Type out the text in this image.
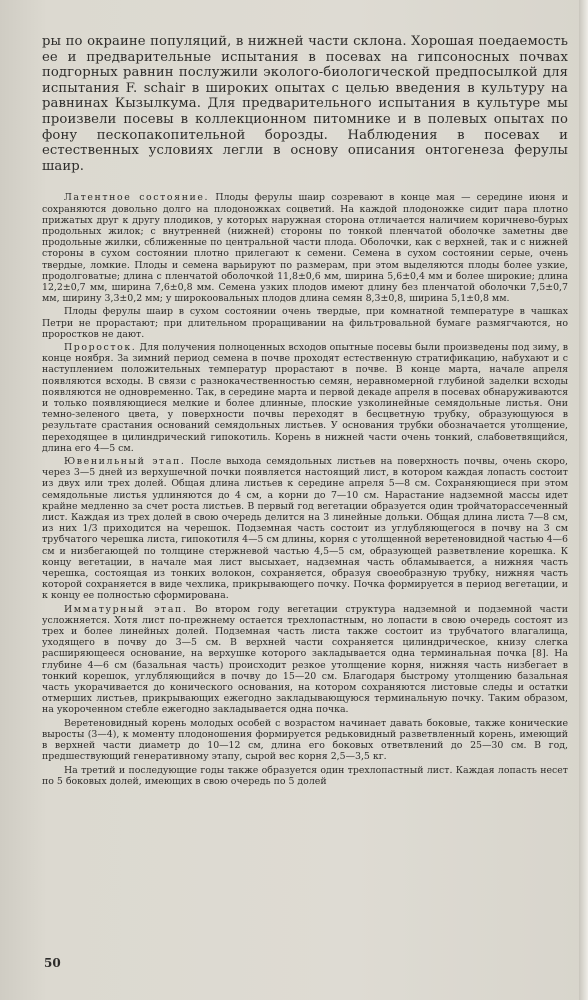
ры по окраине популяций, в нижней части склона. Хорошая поедаемость ее и предварительные испытания в посевах на гипсоносных почвах подгорных равнин послужили эколого-биологической предпосылкой для испытания F. schair в широких опытах с целью введения в культуру на равнинах Кызылкума. Для предварительного испытания в культуре мы произвели посевы в коллекционном питомнике и в полевых опытах по фону пескопакопительной борозды. Наблюдения в посевах и естественных условиях легли в основу описания онтогенеза ферулы шаир.

Латентное состояние. Плоды ферулы шаир созревают в конце мая — середине июня и сохраняются довольно долго на плодоножках соцветий. На каждой плодоножке сидит пара плотно прижатых друг к другу плодиков, у которых наружная сторона отличается наличием коричнево-бурых продольных жилок; с внутренней (нижней) стороны по тонкой пленчатой оболочке заметны две продольные жилки, сближенные по центральной части плода. Оболочки, как с верхней, так и с нижней стороны в сухом состоянии плотно прилегают к семени. Семена в сухом состоянии серые, очень твердые, ломкие. Плоды и семена варьируют по размерам, при этом выделяются плоды более узкие, продолговатые; длина с пленчатой оболочкой 11,8±0,6 мм, ширина 5,6±0,4 мм и более широкие; длина 12,2±0,7 мм, ширина 7,6±0,8 мм. Семена узких плодов имеют длину без пленчатой оболочки 7,5±0,7 мм, ширину 3,3±0,2 мм; у широкоовальных плодов длина семян 8,3±0,8, ширина 5,1±0,8 мм.

Плоды ферулы шаир в сухом состоянии очень твердые, при комнатной температуре в чашках Петри не прорастают; при длительном проращивании на фильтровальной бумаге размягчаются, но проростков не дают.

Проросток. Для получения полноценных всходов опытные посевы были произведены под зиму, в конце ноября. За зимний период семена в почве проходят естественную стратификацию, набухают и с наступлением положительных температур прорастают в почве. В конце марта, начале апреля появляются всходы. В связи с разнокачественностью семян, неравномерной глубиной заделки всходы появляются не одновременно. Так, в середине марта и первой декаде апреля в посевах обнаруживаются и только появляющиеся мелкие и более длинные, плоские узколинейные семядольные листья. Они темно-зеленого цвета, у поверхности почвы переходят в бесцветную трубку, образующуюся в результате срастания оснований семядольных листьев. У основания трубки обозначается утолщение, переходящее в цилиндрический гипокотиль. Корень в нижней части очень тонкий, слабоветвящийся, длина его 4—5 см.

Ювенильный этап. После выхода семядольных листьев на поверхность почвы, очень скоро, через 3—5 дней из верхушечной почки появляется настоящий лист, в котором каждая лопасть состоит из двух или трех долей. Общая длина листьев к середине апреля 5—8 см. Сохраняющиеся при этом семядольные листья удлиняются до 4 см, а корни до 7—10 см. Нарастание надземной массы идет крайне медленно за счет роста листьев. В первый год вегетации образуется один тройчаторассеченный лист. Каждая из трех долей в свою очередь делится на 3 линейные дольки. Общая длина листа 7—8 см, из них 1/3 приходится на черешок. Подземная часть состоит из углубляющегося в почву на 3 см трубчатого черешка листа, гипокотиля 4—5 см длины, корня с утолщенной веретеновидной частью 4—6 см и низбегающей по толщине стержневой частью 4,5—5 см, образующей разветвление корешка. К концу вегетации, в начале мая лист высыхает, надземная часть обламывается, а нижняя часть черешка, состоящая из тонких волокон, сохраняется, образуя своеобразную трубку, нижняя часть которой сохраняется в виде чехлика, прикрывающего почку. Почка формируется в период вегетации, и к концу ее полностью сформирована.

Имматурный этап. Во втором году вегетации структура надземной и подземной части усложняется. Хотя лист по-прежнему остается трехлопастным, но лопасти в свою очередь состоят из трех и более линейных долей. Подземная часть листа также состоит из трубчатого влагалища, уходящего в почву до 3—5 см. В верхней части сохраняется цилиндрическое, книзу слегка расширяющееся основание, на верхушке которого закладывается одна терминальная почка [8]. На глубине 4—6 см (базальная часть) происходит резкое утолщение корня, нижняя часть низбегает в тонкий корешок, углубляющийся в почву до 15—20 см. Благодаря быстрому утолщению базальная часть укорачивается до конического основания, на котором сохраняются листовые следы и остатки отмерших листьев, прикрывающих ежегодно закладывающуюся терминальную почку. Таким образом, на укороченном стебле ежегодно закладывается одна почка.

Веретеновидный корень молодых особей с возрастом начинает давать боковые, также конические выросты (3—4), к моменту плодоношения формируется редьковидный разветвленный корень, имеющий в верхней части диаметр до 10—12 см, длина его боковых ответвлений до 25—30 см. В год, предшествующий генеративному этапу, сырой вес корня 2,5—3,5 кг.

На третий и последующие годы также образуется один трехлопастный лист. Каждая лопасть несет по 5 боковых долей, имеющих в свою очередь по 5 долей

50
